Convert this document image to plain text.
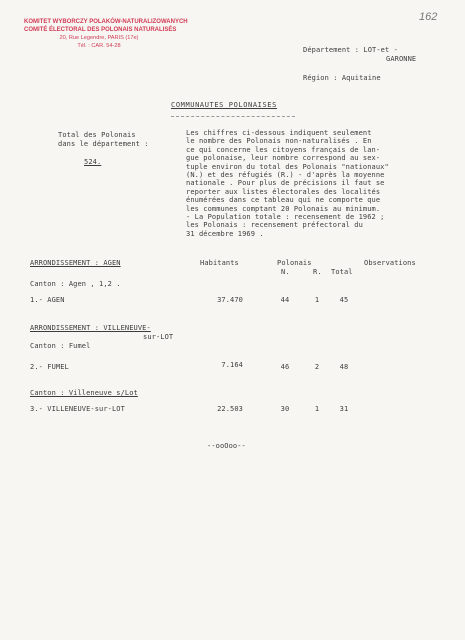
162
KOMITET WYBORCZY POLAKÓW-NATURALIZOWANYCH
COMITÉ ÉLECTORAL DES POLONAIS NATURALISÉS
20, Rue Legendre, PARIS (17e)
Tél. : CAR. 54-28	Département : LOT-et -
GARONNE
Région : Aquitaine
COMMUNAUTES POLONAISES
Total des Polonais
dans le département :
524.
Les chiffres ci-dessous indiquent seulement
le nombre des Polonais non-naturalisés . En
ce qui concerne les citoyens français de lan-
gue polonaise, leur nombre correspond au sex-
tuple environ du total des Polonais "nationaux"
(N.) et des réfugiés (R.) - d'après la moyenne
nationale . Pour plus de précisions il faut se
reporter aux listes électorales des localités
énumérées dans ce tableau qui ne comporte que
les communes comptant 20 Polonais au minimum.
- La Population totale : recensement de 1962 ;
les Polonais : recensement préfectoral du
31 décembre 1969 .
ARRONDISSEMENT : AGEN	Habitants	Polonais
N.	R. Total
Observations
Canton : Agen , 1,2 .
1.- AGEN	37.470	44	1	45
ARRONDISSEMENT : VILLENEUVE-
sur-LOT
Canton : Fumel
2.- FUMEL	7.164	46	2	48
Canton : Villeneuve s/Lot
3.- VILLENEUVE-sur-LOT	22.503	30	1	31
--ooOoo--
